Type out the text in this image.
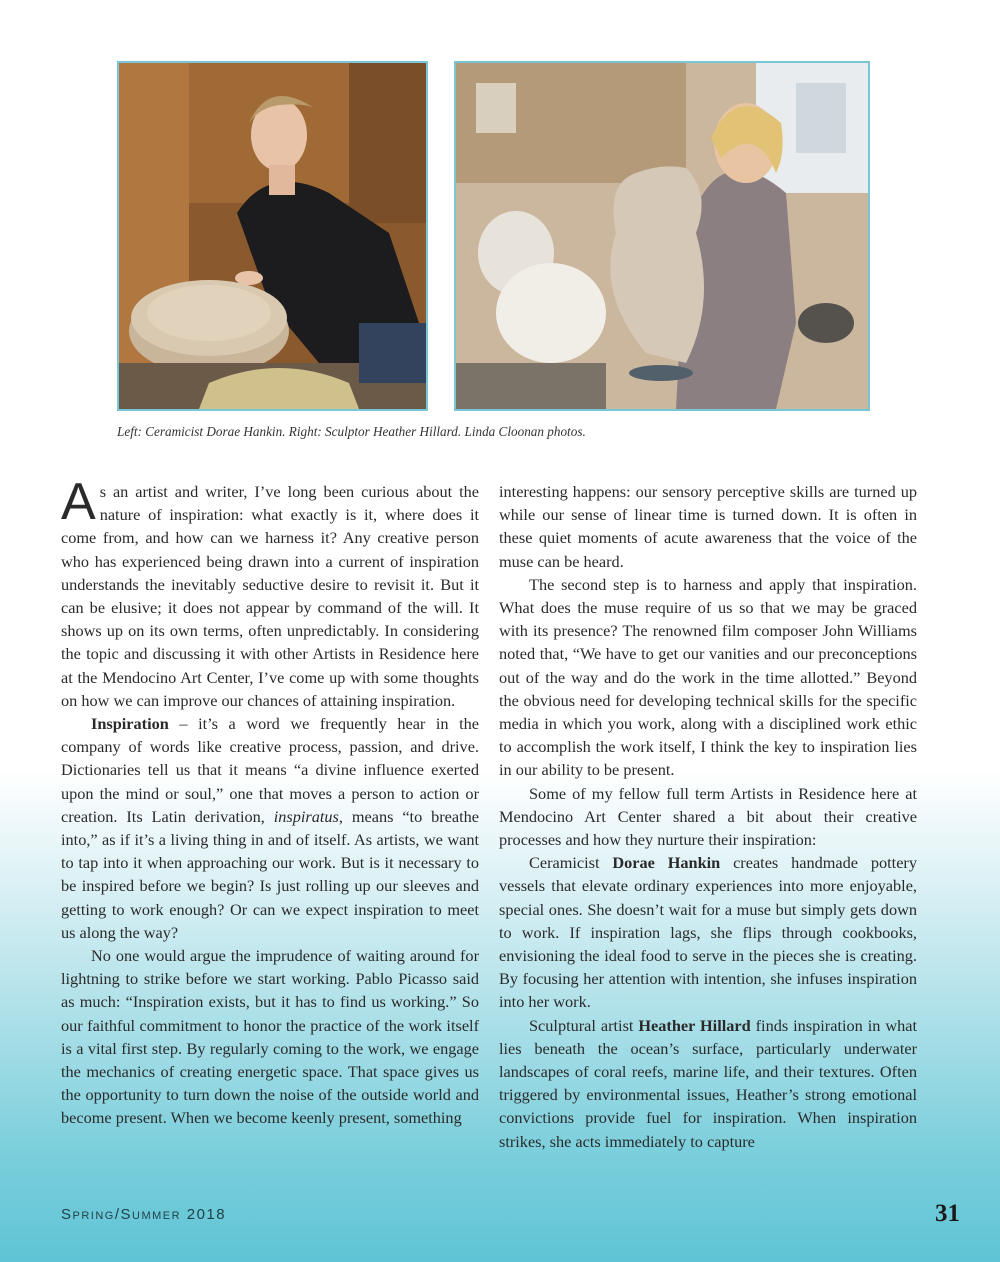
Left: Ceramicist Dorae Hankin. Right: Sculptor Heather Hillard. Linda Cloonan photos.

As an artist and writer, I’ve long been curious about the nature of inspiration: what exactly is it, where does it come from, and how can we harness it? Any creative person who has experienced being drawn into a current of inspiration understands the inevitably seductive desire to revisit it. But it can be elusive; it does not appear by command of the will. It shows up on its own terms, often unpredictably. In considering the topic and discussing it with other Artists in Residence here at the Mendocino Art Center, I’ve come up with some thoughts on how we can improve our chances of attaining inspiration.

Inspiration – it’s a word we frequently hear in the company of words like creative process, passion, and drive. Dictionaries tell us that it means “a divine influence exerted upon the mind or soul,” one that moves a person to action or creation. Its Latin derivation, inspiratus, means “to breathe into,” as if it’s a living thing in and of itself. As artists, we want to tap into it when approaching our work. But is it necessary to be inspired before we begin? Is just rolling up our sleeves and getting to work enough? Or can we expect inspiration to meet us along the way?

No one would argue the imprudence of waiting around for lightning to strike before we start working. Pablo Picasso said as much: “Inspiration exists, but it has to find us working.” So our faithful commitment to honor the practice of the work itself is a vital first step. By regularly coming to the work, we engage the mechanics of creating energetic space. That space gives us the opportunity to turn down the noise of the outside world and become present. When we become keenly present, something

interesting happens: our sensory perceptive skills are turned up while our sense of linear time is turned down. It is often in these quiet moments of acute awareness that the voice of the muse can be heard.

The second step is to harness and apply that inspiration. What does the muse require of us so that we may be graced with its presence? The renowned film composer John Williams noted that, “We have to get our vanities and our preconceptions out of the way and do the work in the time allotted.” Beyond the obvious need for developing technical skills for the specific media in which you work, along with a disciplined work ethic to accomplish the work itself, I think the key to inspiration lies in our ability to be present.

Some of my fellow full term Artists in Residence here at Mendocino Art Center shared a bit about their creative processes and how they nurture their inspiration:

Ceramicist Dorae Hankin creates handmade pottery vessels that elevate ordinary experiences into more enjoyable, special ones. She doesn’t wait for a muse but simply gets down to work. If inspiration lags, she flips through cookbooks, envisioning the ideal food to serve in the pieces she is creating. By focusing her attention with intention, she infuses inspiration into her work.

Sculptural artist Heather Hillard finds inspiration in what lies beneath the ocean’s surface, particularly underwater landscapes of coral reefs, marine life, and their textures. Often triggered by environmental issues, Heather’s strong emotional convictions provide fuel for inspiration. When inspiration strikes, she acts immediately to capture

Spring/Summer 2018	31
